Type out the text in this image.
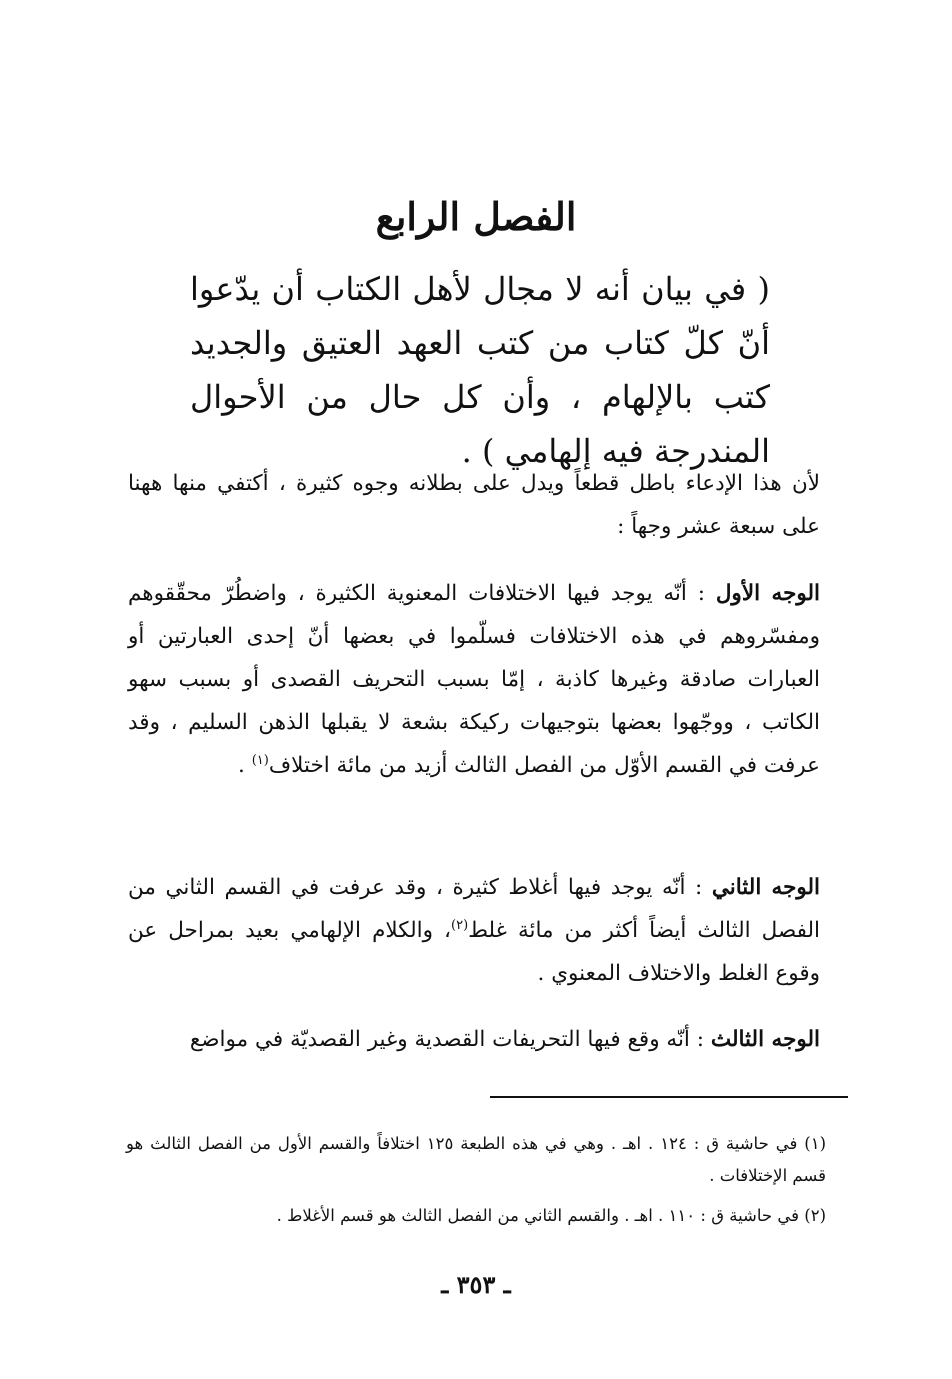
الفصل الرابع

( في بيان أنه لا مجال لأهل الكتاب أن يدّعوا أنّ كلّ كتاب من كتب العهد العتيق والجديد كتب بالإلهام ، وأن كل حال من الأحوال المندرجة فيه إلهامي ) .

لأن هذا الإدعاء باطل قطعاً ويدل على بطلانه وجوه كثيرة ، أكتفي منها ههنا على سبعة عشر وجهاً :

الوجه الأول : أنّه يوجد فيها الاختلافات المعنوية الكثيرة ، واضطُرّ محقّقوهم ومفسّروهم في هذه الاختلافات فسلّموا في بعضها أنّ إحدى العبارتين أو العبارات صادقة وغيرها كاذبة ، إمّا بسبب التحريف القصدى أو بسبب سهو الكاتب ، ووجّهوا بعضها بتوجيهات ركيكة بشعة لا يقبلها الذهن السليم ، وقد عرفت في القسم الأوّل من الفصل الثالث أزيد من مائة اختلاف$^{(١)}$ .

الوجه الثاني : أنّه يوجد فيها أغلاط كثيرة ، وقد عرفت في القسم الثاني من الفصل الثالث أيضاً أكثر من مائة غلط$^{(٢)}$، والكلام الإلهامي بعيد بمراحل عن وقوع الغلط والاختلاف المعنوي .

الوجه الثالث : أنّه وقع فيها التحريفات القصدية وغير القصديّة في مواضع

(١) في حاشية ق : ١٢٤ . اهـ . وهي في هذه الطبعة ١٢٥ اختلافاً والقسم الأول من الفصل الثالث هو قسم الإختلافات .

(٢) في حاشية ق : ١١٠ . اهـ . والقسم الثاني من الفصل الثالث هو قسم الأغلاط .

ـ ٣٥٣ ـ
